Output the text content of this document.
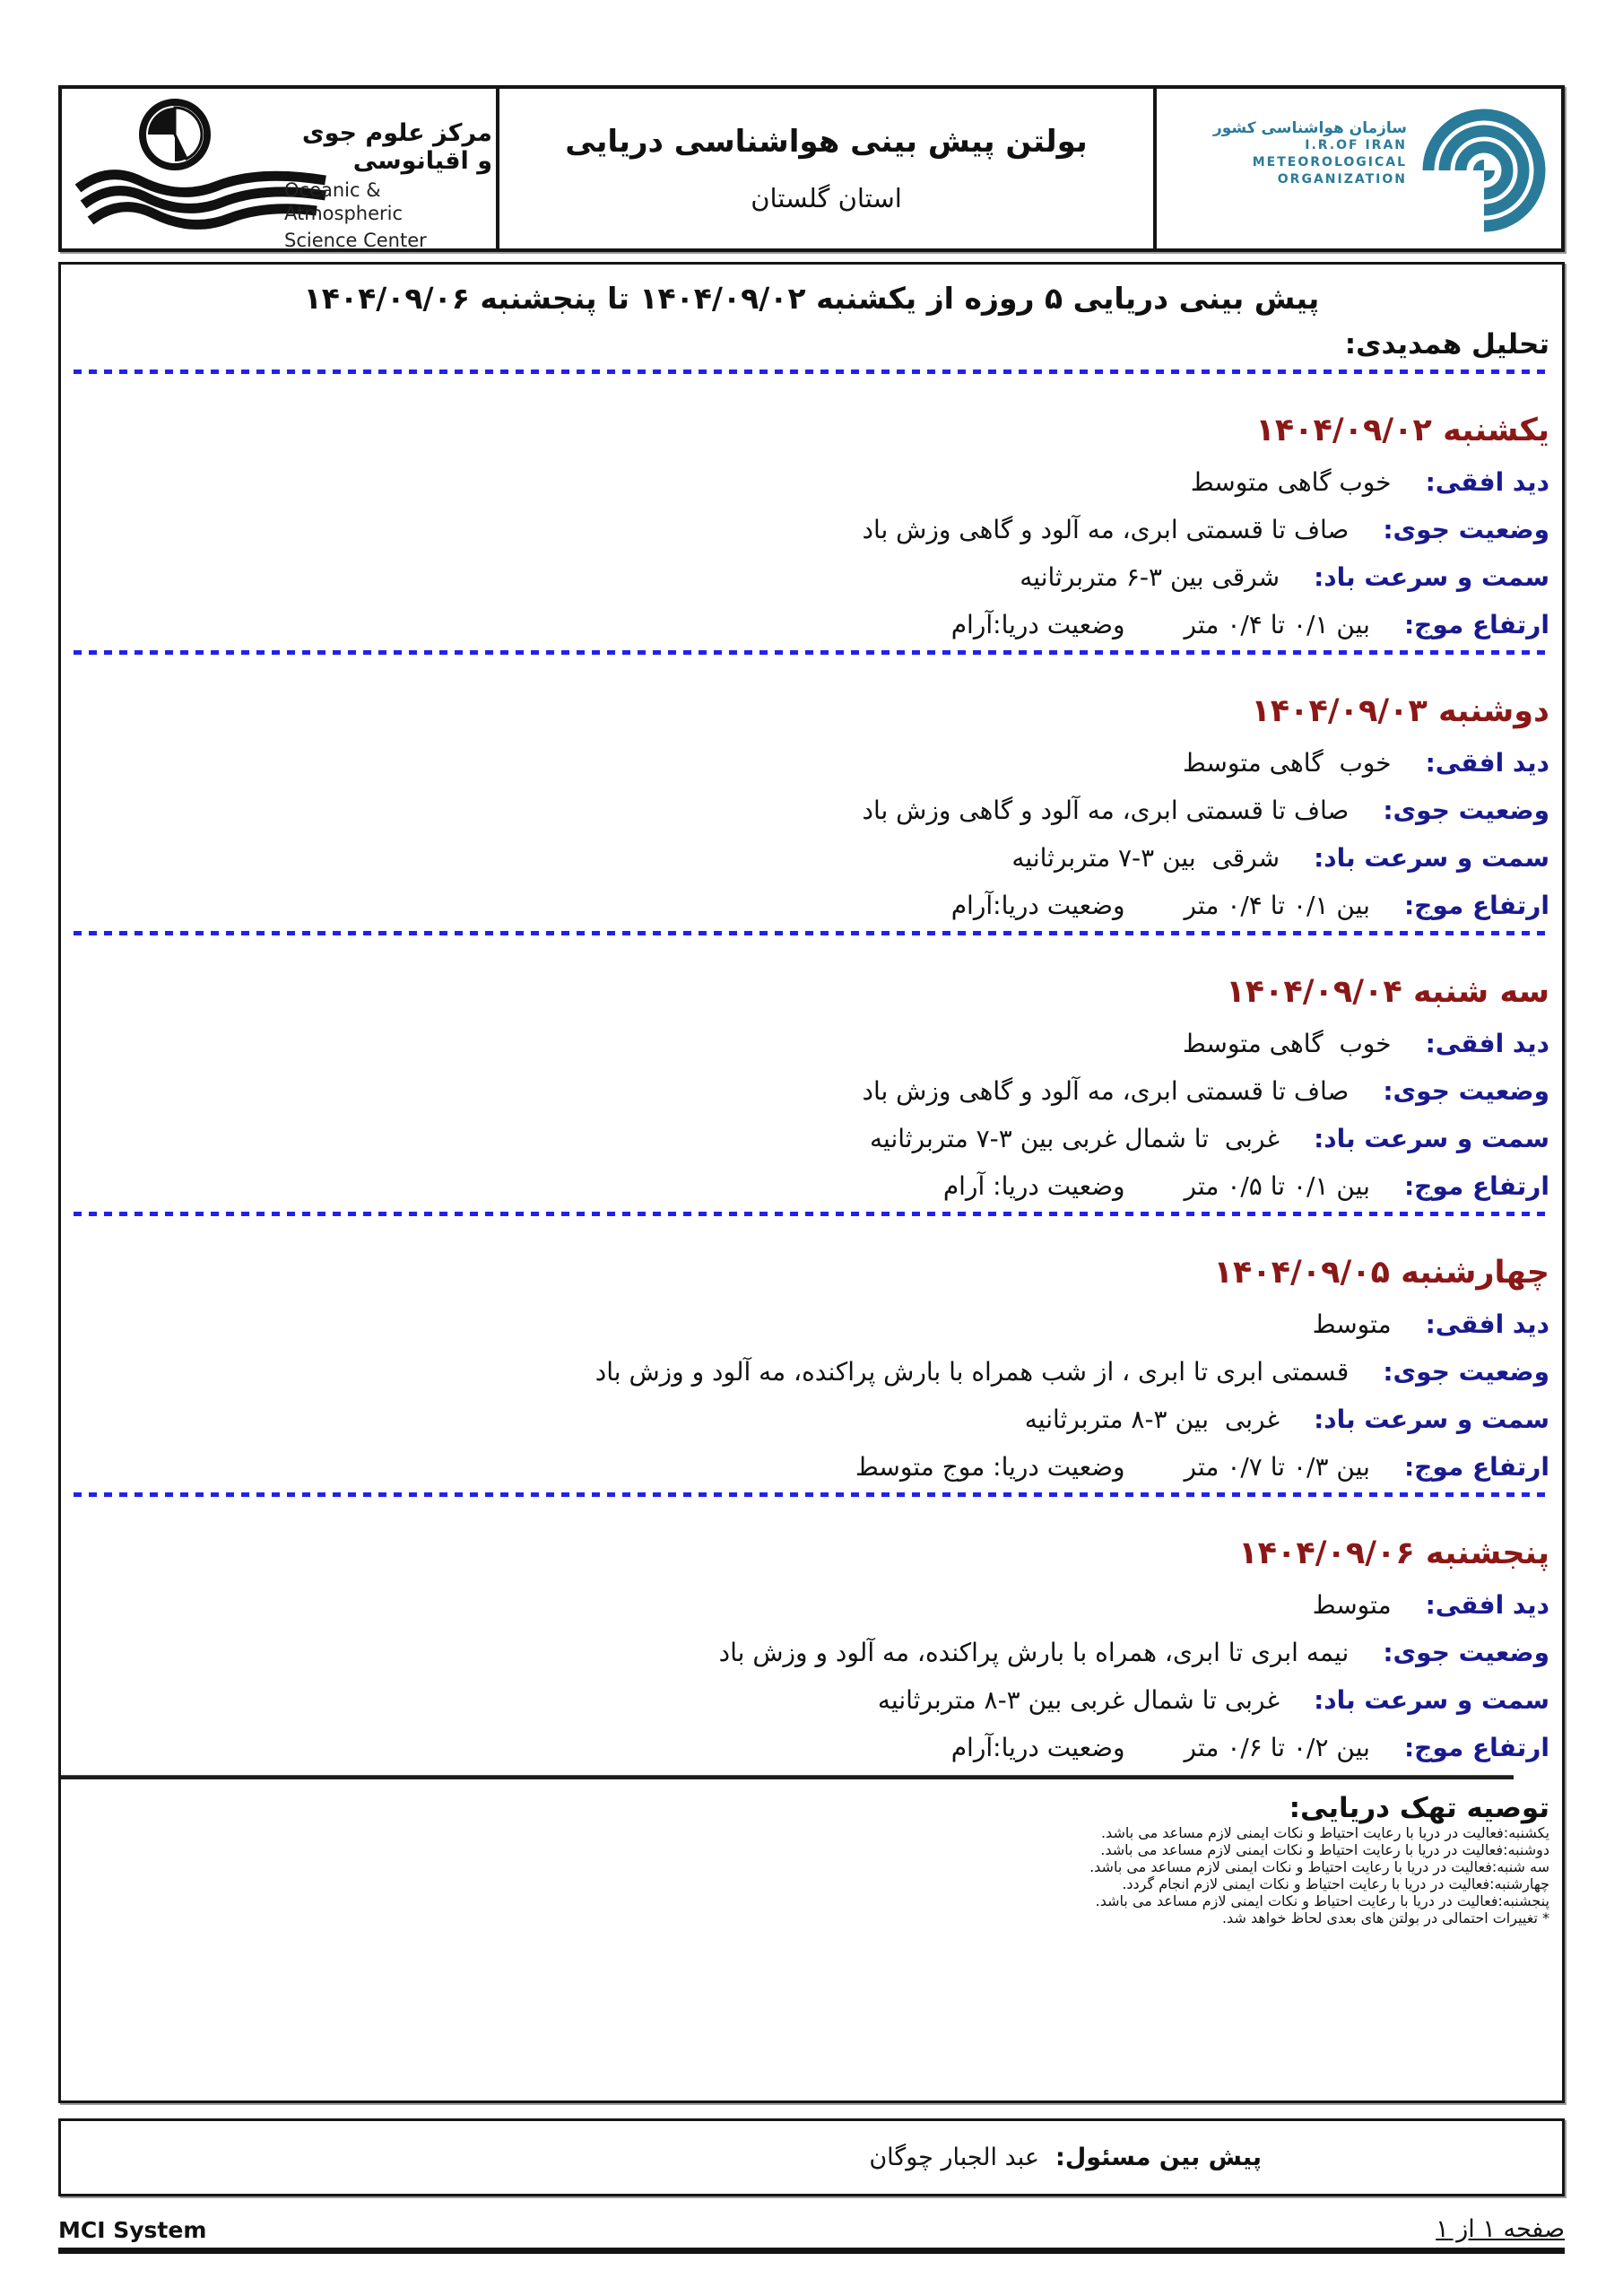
مرکز علوم جوی و اقیانوسی
Oceanic & Atmospheric
Science Center
بولتن پیش بینی هواشناسی دریایی
استان گلستان
سازمان هواشناسی کشور
I.R.OF IRAN
METEOROLOGICAL
ORGANIZATION
پیش بینی دریایی ۵ روزه از یکشنبه ۱۴۰۴/۰۹/۰۲ تا پنجشنبه ۱۴۰۴/۰۹/۰۶
تحلیل همدیدی:
یکشنبه ۱۴۰۴/۰۹/۰۲
دید افقی:
خوب گاهی متوسط
وضعیت جوی:
صاف تا قسمتی ابری، مه آلود و گاهی وزش باد
سمت و سرعت باد:
شرقی بین ۳-۶ متربرثانیه
ارتفاع موج:
بین ۰/۱ تا ۰/۴ متر
وضعیت دریا:آرام
دوشنبه ۱۴۰۴/۰۹/۰۳
دید افقی:
خوب  گاهی متوسط
وضعیت جوی:
صاف تا قسمتی ابری، مه آلود و گاهی وزش باد
سمت و سرعت باد:
شرقی  بین ۳-۷ متربرثانیه
ارتفاع موج:
بین ۰/۱ تا ۰/۴ متر
وضعیت دریا:آرام
سه شنبه ۱۴۰۴/۰۹/۰۴
دید افقی:
خوب  گاهی متوسط
وضعیت جوی:
صاف تا قسمتی ابری، مه آلود و گاهی وزش باد
سمت و سرعت باد:
غربی  تا شمال غربی بین ۳-۷ متربرثانیه
ارتفاع موج:
بین ۰/۱ تا ۰/۵ متر
وضعیت دریا: آرام
چهارشنبه ۱۴۰۴/۰۹/۰۵
دید افقی:
متوسط
وضعیت جوی:
قسمتی ابری تا ابری ، از شب همراه با بارش پراکنده، مه آلود و وزش باد
سمت و سرعت باد:
غربی  بین ۳-۸ متربرثانیه
ارتفاع موج:
بین ۰/۳ تا ۰/۷ متر
وضعیت دریا: موج متوسط
پنجشنبه ۱۴۰۴/۰۹/۰۶
دید افقی:
متوسط
وضعیت جوی:
نیمه ابری تا ابری، همراه با بارش پراکنده، مه آلود و وزش باد
سمت و سرعت باد:
غربی تا شمال غربی بین ۳-۸ متربرثانیه
ارتفاع موج:
بین ۰/۲ تا ۰/۶ متر
وضعیت دریا:آرام
توصیه تهک دریایی:

یکشنبه:فعالیت در دریا با رعایت احتیاط و نکات ایمنی لازم مساعد می باشد.

دوشنبه:فعالیت در دریا با رعایت احتیاط و نکات ایمنی لازم مساعد می باشد.

سه شنبه:فعالیت در دریا با رعایت احتیاط و نکات ایمنی لازم مساعد می باشد.

چهارشنبه:فعالیت در دریا با رعایت احتیاط و نکات ایمنی لازم انجام گردد.

پنجشنبه:فعالیت در دریا با رعایت احتیاط و نکات ایمنی لازم مساعد می باشد.

* تغییرات احتمالی در بولتن های بعدی لحاظ خواهد شد.

پیش بین مسئول:
عبد الجبار چوگان
MCI System	صفحه ۱ از ۱
